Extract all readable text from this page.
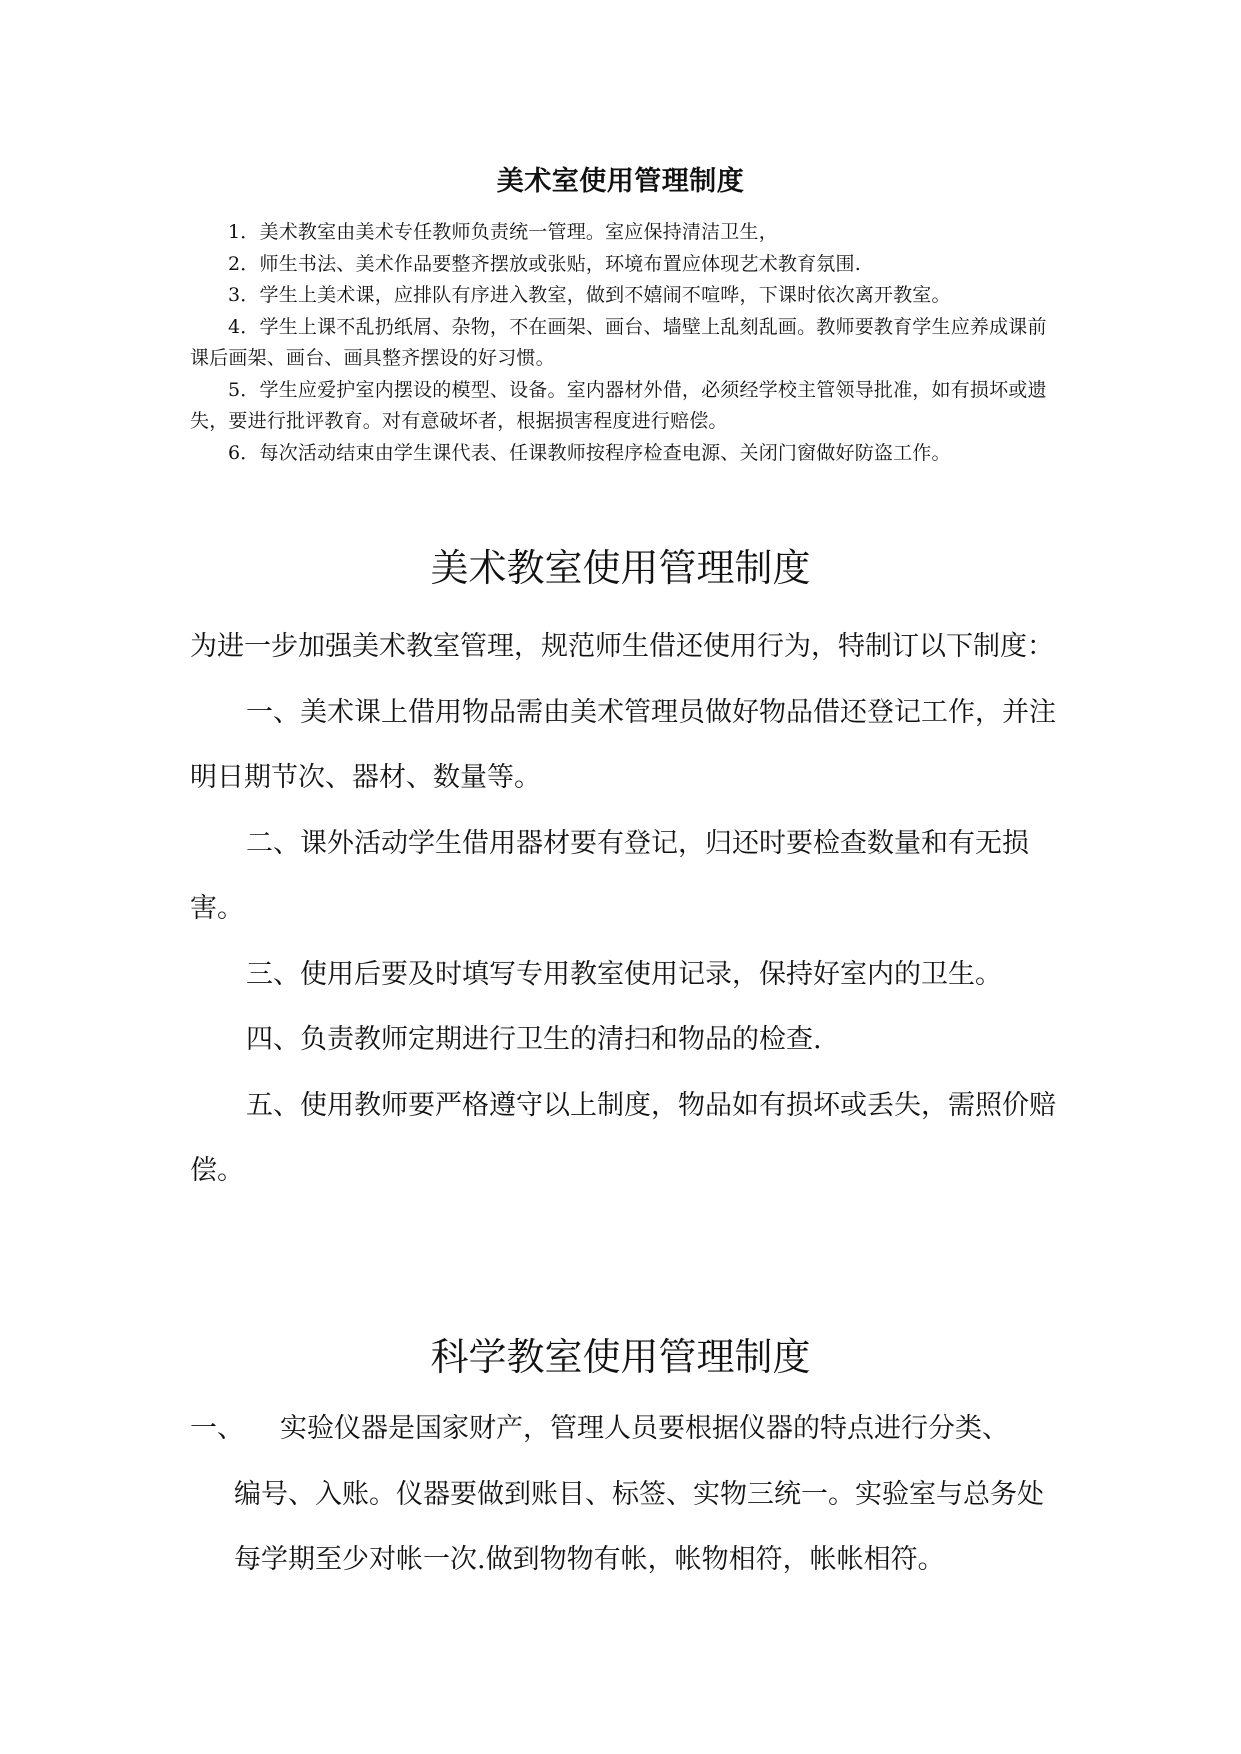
美术室使用管理制度
1．美术教室由美术专任教师负责统一管理。室应保持清洁卫生，
2．师生书法、美术作品要整齐摆放或张贴，环境布置应体现艺术教育氛围.
3．学生上美术课，应排队有序进入教室，做到不嬉闹不喧哗，下课时依次离开教室。
4．学生上课不乱扔纸屑、杂物，不在画架、画台、墙壁上乱刻乱画。教师要教育学生应养成课前课后画架、画台、画具整齐摆设的好习惯。
5．学生应爱护室内摆设的模型、设备。室内器材外借，必须经学校主管领导批准，如有损坏或遗失，要进行批评教育。对有意破坏者，根据损害程度进行赔偿。
6．每次活动结束由学生课代表、任课教师按程序检查电源、关闭门窗做好防盗工作。
美术教室使用管理制度

为进一步加强美术教室管理，规范师生借还使用行为，特制订以下制度：

一、美术课上借用物品需由美术管理员做好物品借还登记工作，并注明日期节次、器材、数量等。

二、课外活动学生借用器材要有登记，归还时要检查数量和有无损害。

三、使用后要及时填写专用教室使用记录，保持好室内的卫生。

四、负责教师定期进行卫生的清扫和物品的检查.

五、使用教师要严格遵守以上制度，物品如有损坏或丢失，需照价赔偿。

科学教室使用管理制度
一、	实验仪器是国家财产，管理人员要根据仪器的特点进行分类、
编号、入账。仪器要做到账目、标签、实物三统一。实验室与总务处每学期至少对帐一次.做到物物有帐，帐物相符，帐帐相符。
